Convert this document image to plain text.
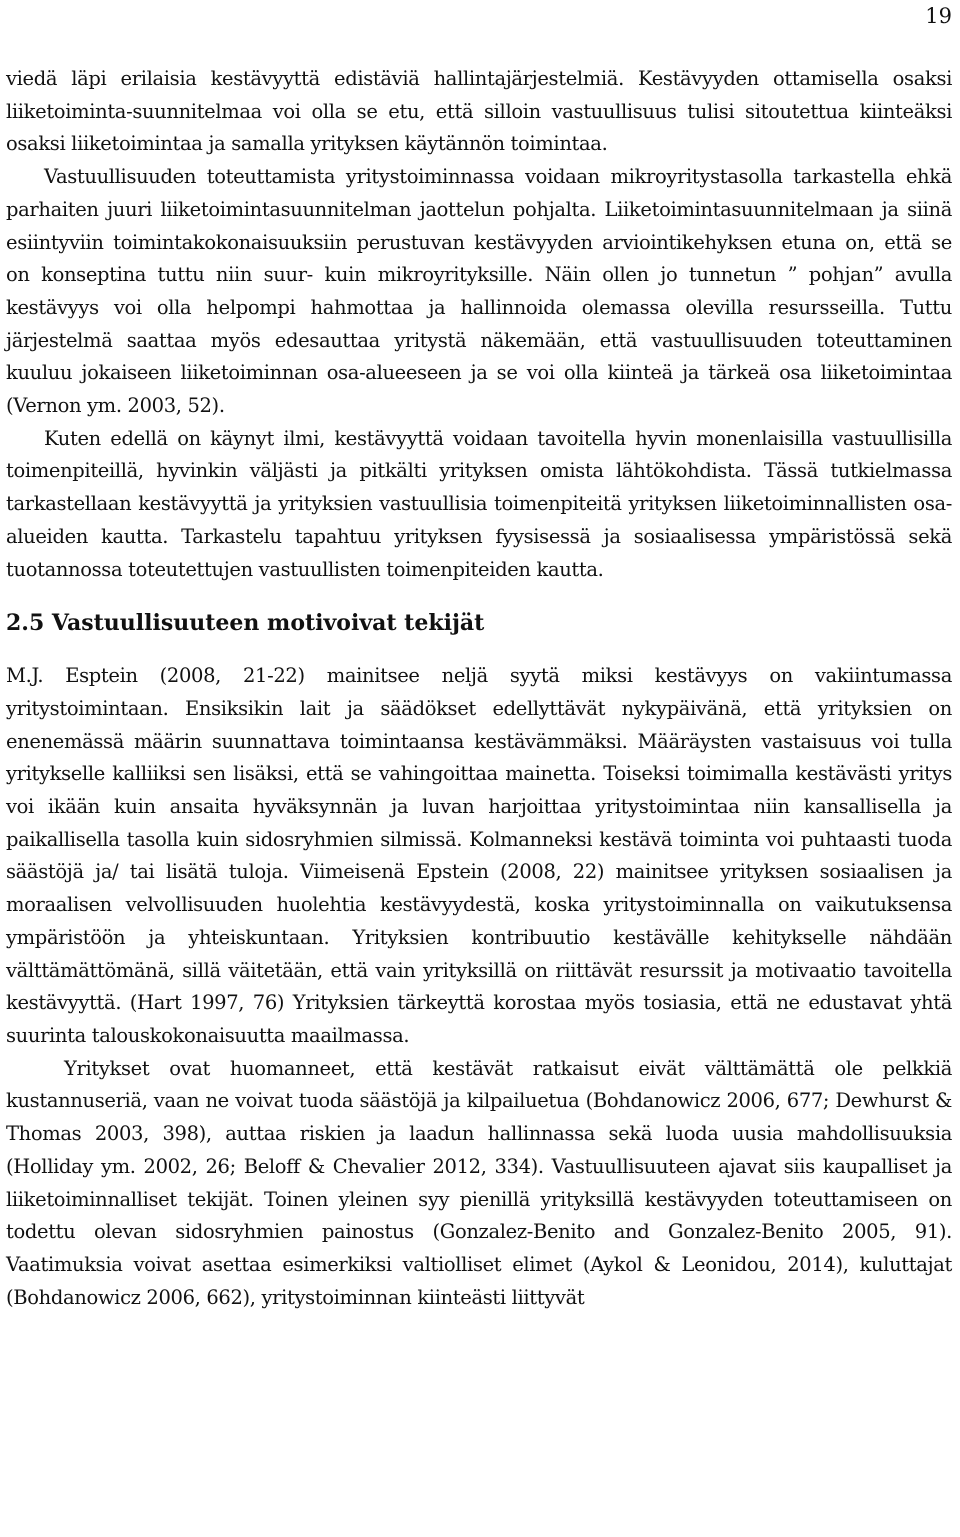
19

viedä läpi erilaisia kestävyyttä edistäviä hallintajärjestelmiä. Kestävyyden ottamisella osaksi liiketoiminta-suunnitelmaa voi olla se etu, että silloin vastuullisuus tulisi sitoutettua kiinteäksi osaksi liiketoimintaa ja samalla yrityksen käytännön toimintaa.

Vastuullisuuden toteuttamista yritystoiminnassa voidaan mikroyritystasolla tarkastella ehkä parhaiten juuri liiketoimintasuunnitelman jaottelun pohjalta. Liiketoimintasuunnitelmaan ja siinä esiintyviin toimintakokonaisuuksiin perustuvan kestävyyden arviointikehyksen etuna on, että se on konseptina tuttu niin suur- kuin mikroyrityksille. Näin ollen jo tunnetun ” pohjan” avulla kestävyys voi olla helpompi hahmottaa ja hallinnoida olemassa olevilla resursseilla. Tuttu järjestelmä saattaa myös edesauttaa yritystä näkemään, että vastuullisuuden toteuttaminen kuuluu jokaiseen liiketoiminnan osa-alueeseen ja se voi olla kiinteä ja tärkeä osa liiketoimintaa (Vernon ym. 2003, 52).

Kuten edellä on käynyt ilmi, kestävyyttä voidaan tavoitella hyvin monenlaisilla vastuullisilla toimenpiteillä, hyvinkin väljästi ja pitkälti yrityksen omista lähtökohdista. Tässä tutkielmassa tarkastellaan kestävyyttä ja yrityksien vastuullisia toimenpiteitä yrityksen liiketoiminnallisten osa-alueiden kautta. Tarkastelu tapahtuu yrityksen fyysisessä ja sosiaalisessa ympäristössä sekä tuotannossa toteutettujen vastuullisten toimenpiteiden kautta.

2.5 Vastuullisuuteen motivoivat tekijät

M.J. Esptein (2008, 21-22) mainitsee neljä syytä miksi kestävyys on vakiintumassa yritystoimintaan. Ensiksikin lait ja säädökset edellyttävät nykypäivänä, että yrityksien on enenemässä määrin suunnattava toimintaansa kestävämmäksi. Määräysten vastaisuus voi tulla yritykselle kalliiksi sen lisäksi, että se vahingoittaa mainetta. Toiseksi toimimalla kestävästi yritys voi ikään kuin ansaita hyväksynnän ja luvan harjoittaa yritystoimintaa niin kansallisella ja paikallisella tasolla kuin sidosryhmien silmissä. Kolmanneksi kestävä toiminta voi puhtaasti tuoda säästöjä ja/ tai lisätä tuloja. Viimeisenä Epstein (2008, 22) mainitsee yrityksen sosiaalisen ja moraalisen velvollisuuden huolehtia kestävyydestä, koska yritystoiminnalla on vaikutuksensa ympäristöön ja yhteiskuntaan. Yrityksien kontribuutio kestävälle kehitykselle nähdään välttämättömänä, sillä väitetään, että vain yrityksillä on riittävät resurssit ja motivaatio tavoitella kestävyyttä. (Hart 1997, 76) Yrityksien tärkeyttä korostaa myös tosiasia, että ne edustavat yhtä suurinta talouskokonaisuutta maailmassa.

Yritykset ovat huomanneet, että kestävät ratkaisut eivät välttämättä ole pelkkiä kustannuseriä, vaan ne voivat tuoda säästöjä ja kilpailuetua (Bohdanowicz 2006, 677; Dewhurst & Thomas 2003, 398), auttaa riskien ja laadun hallinnassa sekä luoda uusia mahdollisuuksia (Holliday ym. 2002, 26; Beloff & Chevalier 2012, 334). Vastuullisuuteen ajavat siis kaupalliset ja liiketoiminnalliset tekijät. Toinen yleinen syy pienillä yrityksillä kestävyyden toteuttamiseen on todettu olevan sidosryhmien painostus (Gonzalez-Benito and Gonzalez-Benito 2005, 91). Vaatimuksia voivat asettaa esimerkiksi valtiolliset elimet (Aykol & Leonidou, 2014), kuluttajat (Bohdanowicz 2006, 662), yritystoiminnan kiinteästi liittyvät
